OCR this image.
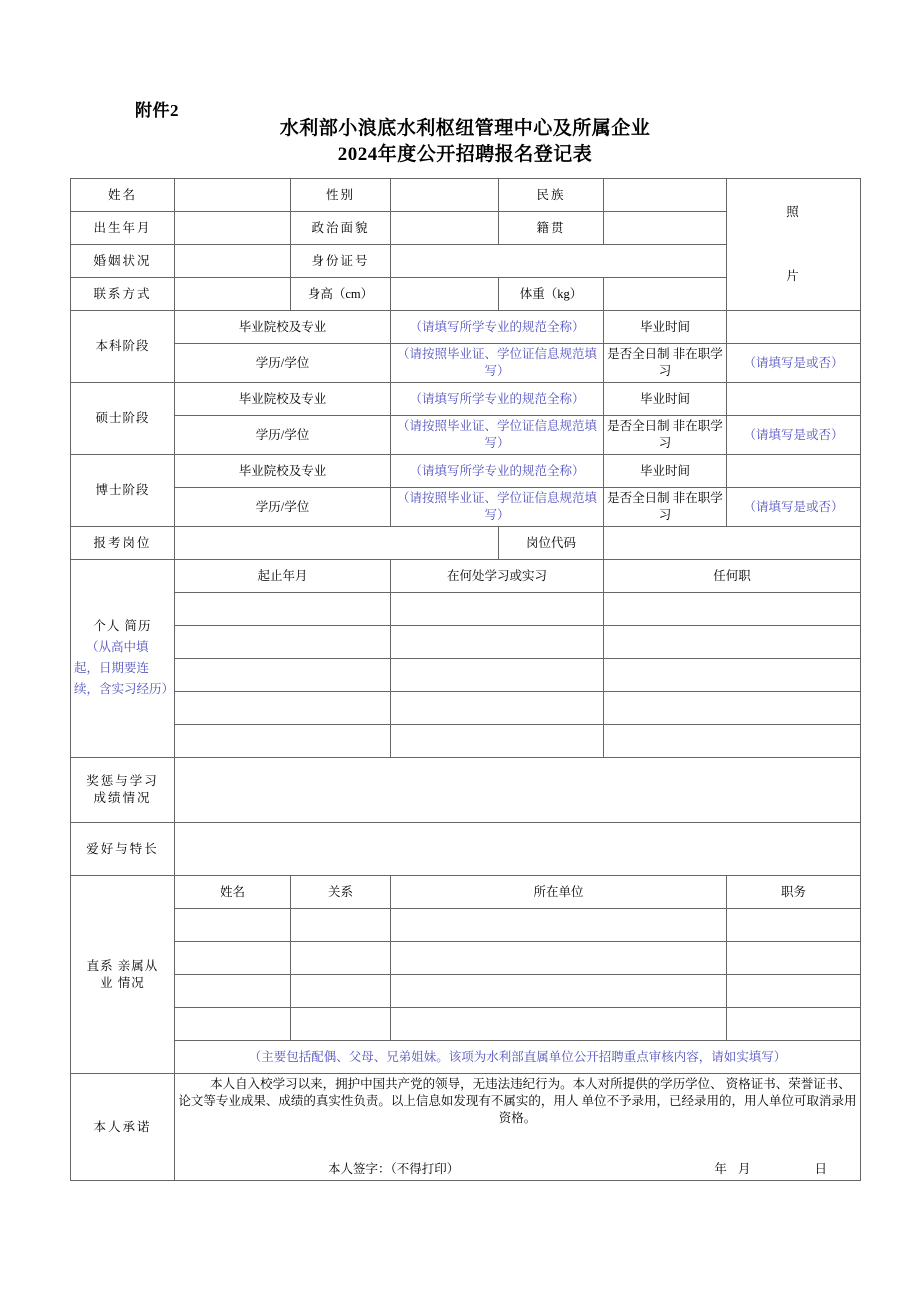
附件2
水利部小浪底水利枢纽管理中心及所属企业
2024年度公开招聘报名登记表
姓名		性别		民族		照
片

出生年月		政治面貌		籍贯		
婚姻状况		身份证号				
联系方式		身高（cm）		体重（kg）		
本科阶段	毕业院校及专业		（请填写所学专业的规范全称）		毕业时间	
	学历/学位		（请按照毕业证、学位证信息规范填写）		是否全日制 非在职学习	（请填写是或否）
硕士阶段	毕业院校及专业		（请填写所学专业的规范全称）		毕业时间	
	学历/学位		（请按照毕业证、学位证信息规范填写）		是否全日制 非在职学习	（请填写是或否）
博士阶段	毕业院校及专业		（请填写所学专业的规范全称）		毕业时间	
	学历/学位		（请按照毕业证、学位证信息规范填写）		是否全日制 非在职学习	（请填写是或否）
报考岗位				岗位代码		

个人 简历
（从高中填起，日期要连续，含实习经历）	起止年月		在何处学习或实习		任何职	

奖惩与学习
成绩情况						
爱好与特长						
直系 亲属从
业 情况	姓名	关系	所在单位			职务

	（主要包括配偶、父母、兄弟姐妹。该项为水利部直属单位公开招聘重点审核内容，请如实填写）					
本人承诺	本人自入校学习以来，拥护中国共产党的领导，无违法违纪行为。本人对所提供的学历学位、 资格证书、荣誉证书、论文等专业成果、成绩的真实性负责。以上信息如发现有不属实的，用人 单位不予录用，已经录用的，用人单位可取消录用资格。

本人签字：（不得打印） 年 月 日					
